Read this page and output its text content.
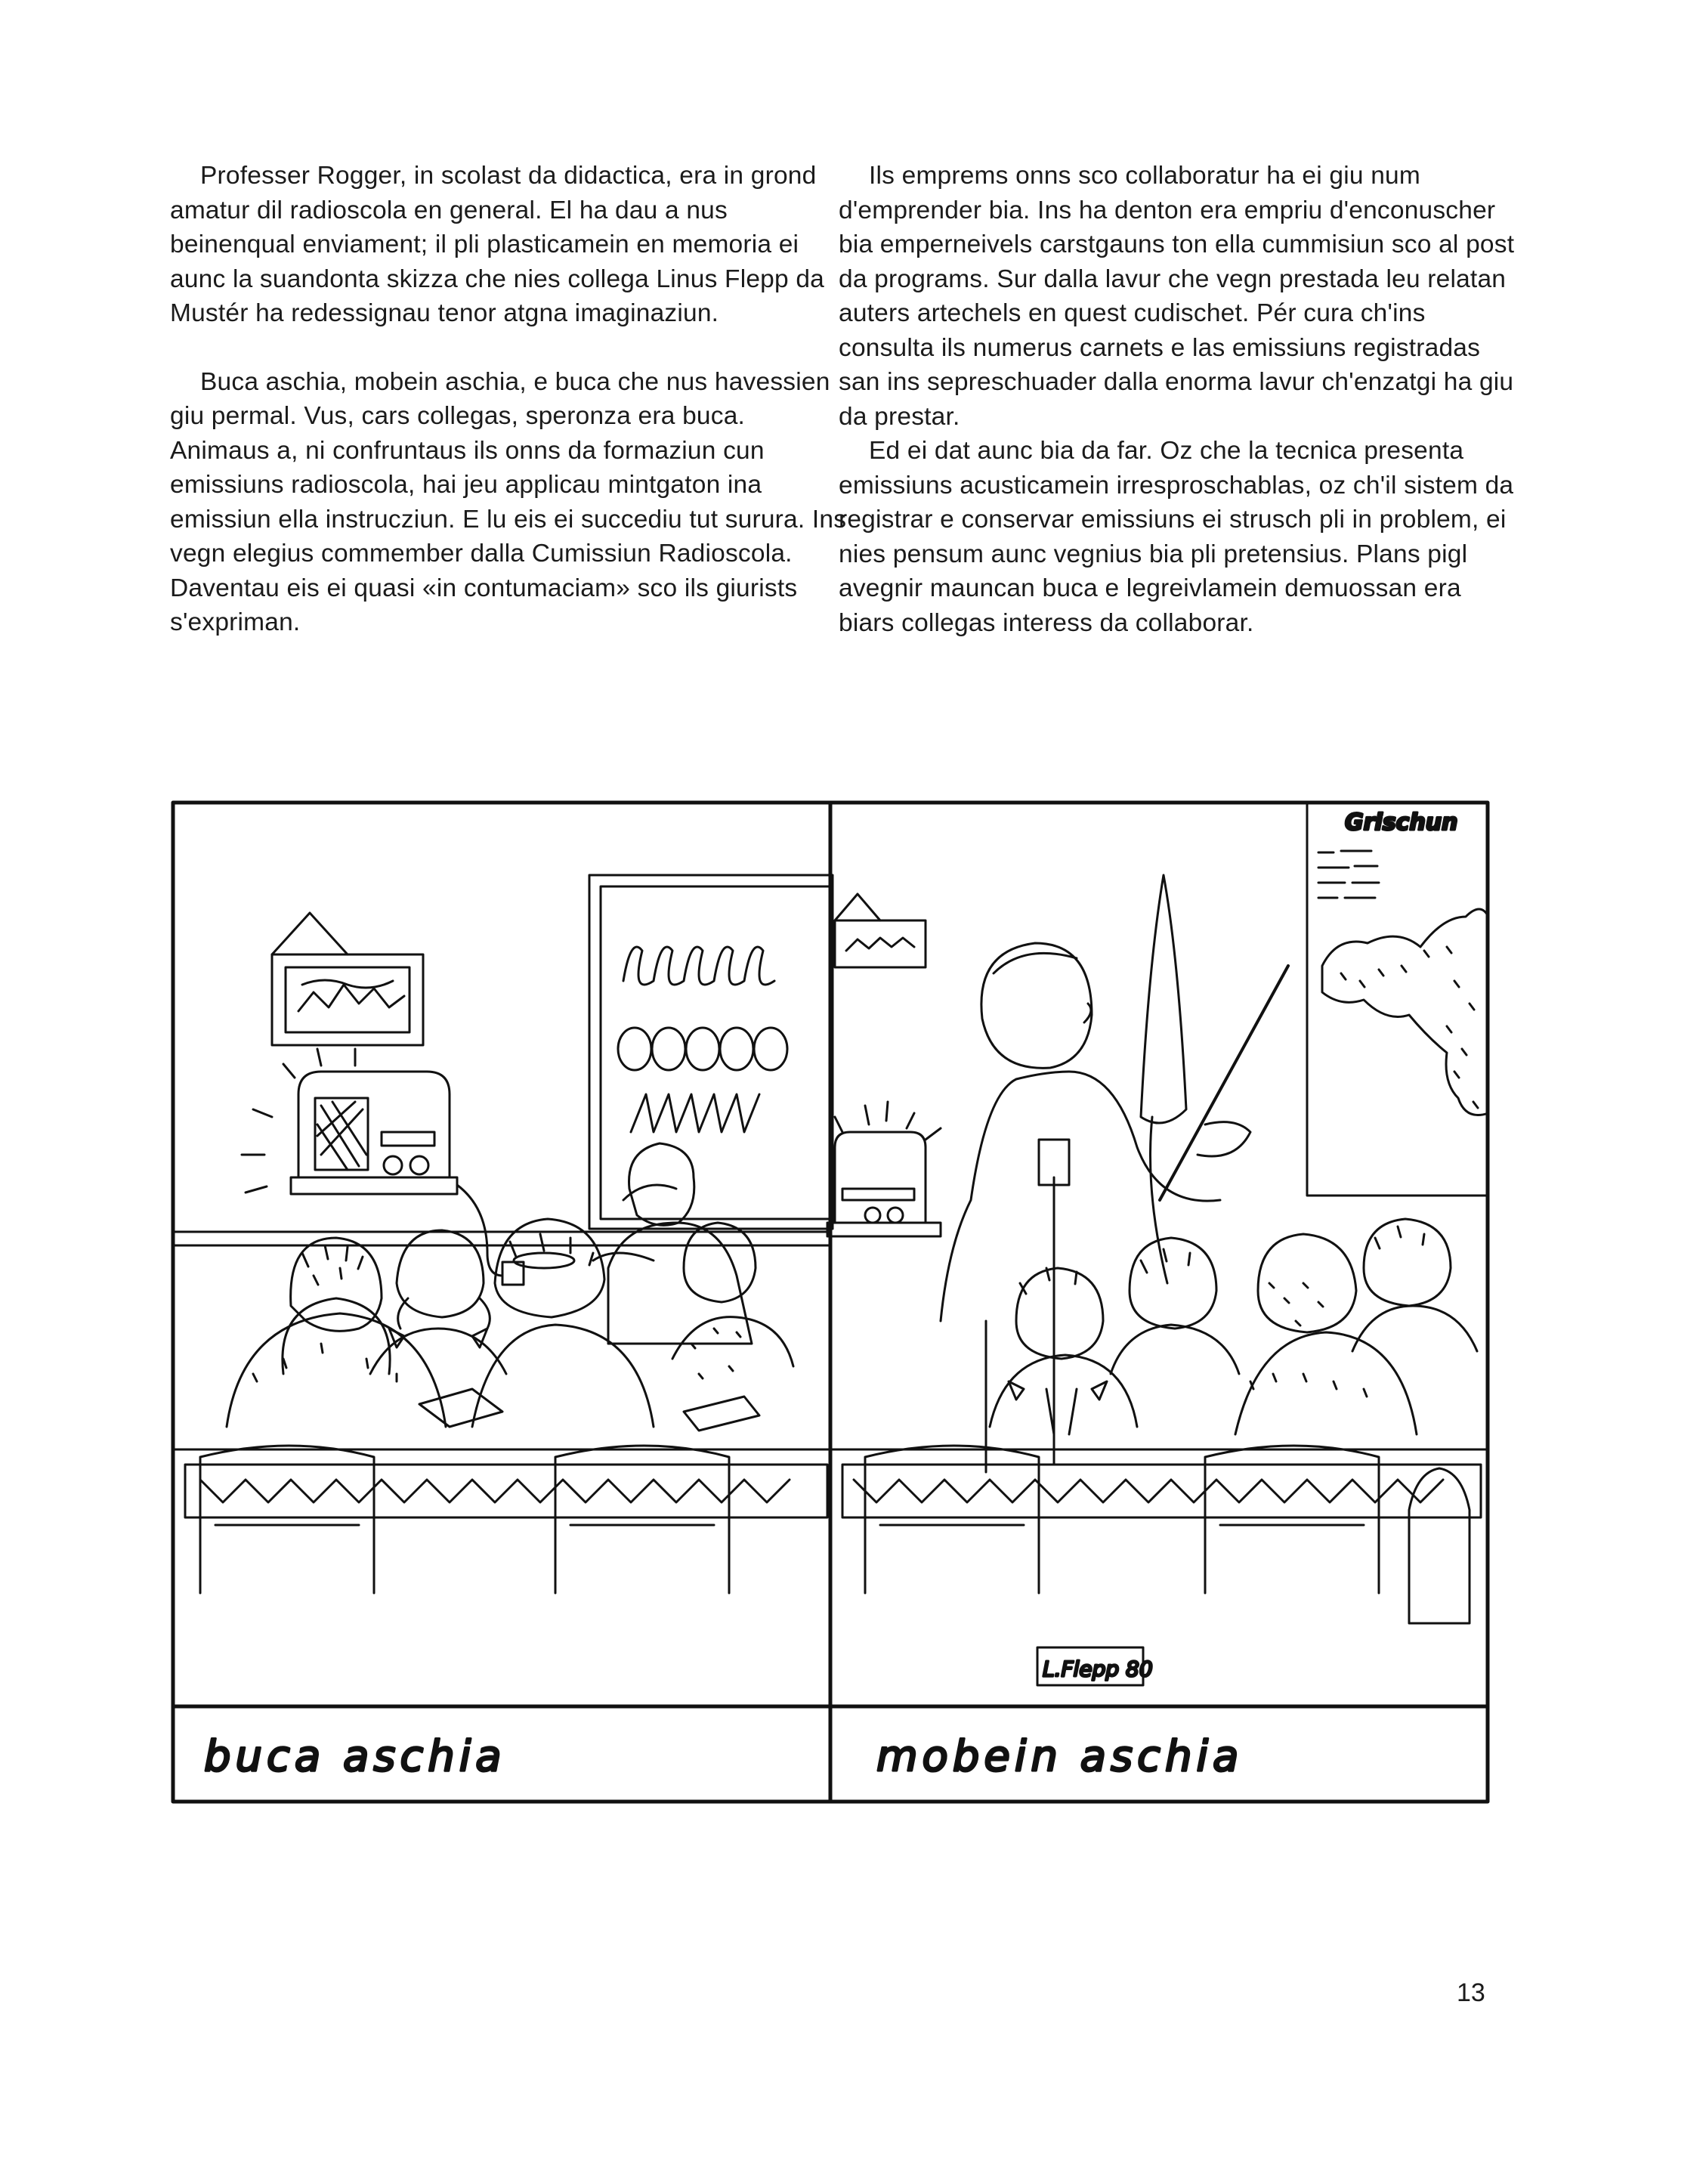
Professer Rogger, in scolast da didactica, era in grond amatur dil radioscola en general. El ha dau a nus beinenqual enviament; il pli plasticamein en memoria ei aunc la suandonta skizza che nies collega Linus Flepp da Mustér ha redessignau tenor atgna imaginaziun.

Buca aschia, mobein aschia, e buca che nus havessien giu permal. Vus, cars collegas, speronza era buca. Animaus a, ni confruntaus ils onns da formaziun cun emissiuns radioscola, hai jeu applicau mintgaton ina emissiun ella instrucziun. E lu eis ei succediu tut surura. Ins vegn elegius commember dalla Cumissiun Radioscola. Daventau eis ei quasi «in contumaciam» sco ils giurists s'expriman.

Ils emprems onns sco collaboratur ha ei giu num d'emprender bia. Ins ha denton era empriu d'enconuscher bia emperneivels carstgauns ton ella cummisiun sco al post da programs. Sur dalla lavur che vegn prestada leu relatan auters artechels en quest cudischet. Pér cura ch'ins consulta ils numerus carnets e las emissiuns registradas san ins sepreschuader dalla enorma lavur ch'enzatgi ha giu da prestar.

Ed ei dat aunc bia da far. Oz che la tecnica presenta emissiuns acusticamein irresproschablas, oz ch'il sistem da registrar e conservar emissiuns ei strusch pli in problem, ei nies pensum aunc vegnius bia pli pretensius. Plans pigl avegnir mauncan buca e legreivlamein demuossan era biars collegas interess da collaborar.

Grischun
L.Flepp 80
buca aschia	mobein aschia
13
